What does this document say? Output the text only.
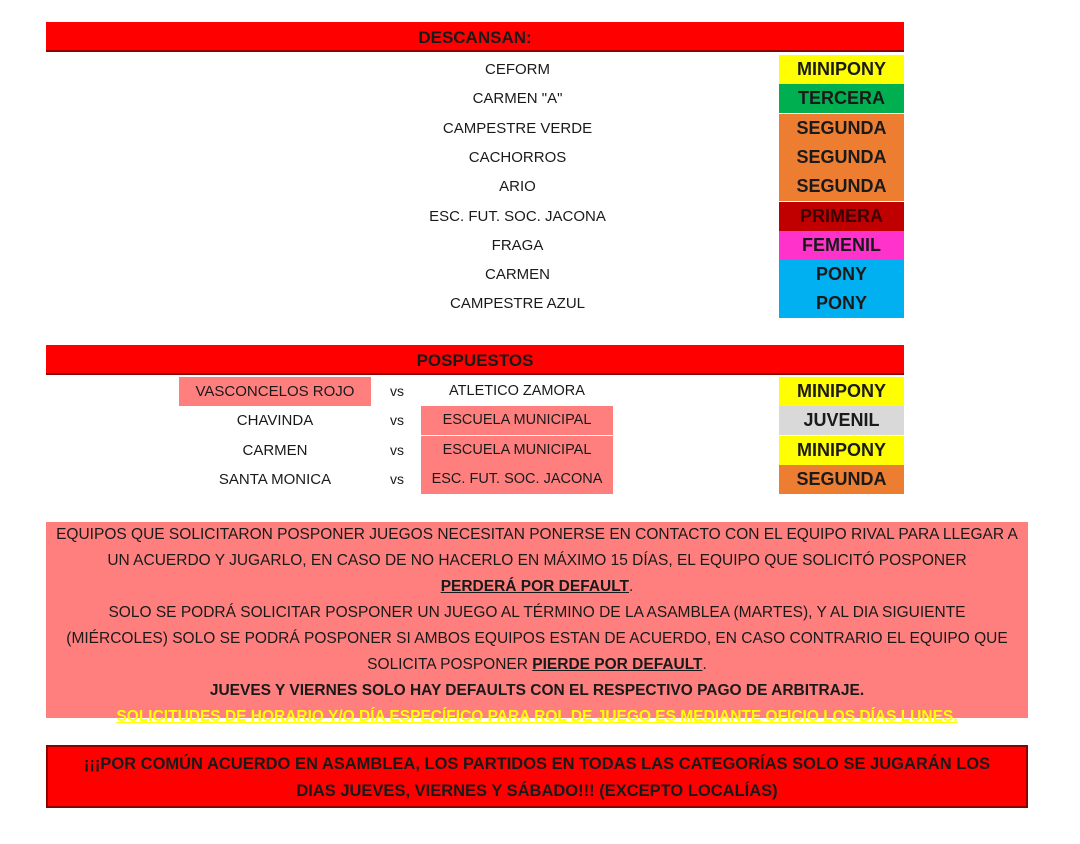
DESCANSAN:
CEFORM	MINIPONY
CARMEN "A"	TERCERA
CAMPESTRE VERDE	SEGUNDA
CACHORROS	SEGUNDA
ARIO	SEGUNDA
ESC. FUT. SOC. JACONA	PRIMERA
FRAGA	FEMENIL
CARMEN	PONY
CAMPESTRE AZUL	PONY
POSPUESTOS
VASCONCELOS ROJO	vs	ATLETICO ZAMORA	MINIPONY
CHAVINDA	vs	ESCUELA MUNICIPAL	JUVENIL
CARMEN	vs	ESCUELA MUNICIPAL	MINIPONY
SANTA MONICA	vs	ESC. FUT. SOC. JACONA	SEGUNDA

EQUIPOS QUE SOLICITARON POSPONER JUEGOS NECESITAN PONERSE EN CONTACTO CON EL EQUIPO RIVAL PARA LLEGAR A

UN ACUERDO Y JUGARLO, EN CASO DE NO HACERLO EN MÁXIMO 15 DÍAS, EL EQUIPO QUE SOLICITÓ POSPONER

PERDERÁ POR DEFAULT.

SOLO SE PODRÁ SOLICITAR POSPONER UN JUEGO AL TÉRMINO DE LA ASAMBLEA (MARTES), Y AL DIA SIGUIENTE

(MIÉRCOLES) SOLO SE PODRÁ POSPONER SI AMBOS EQUIPOS ESTAN DE ACUERDO, EN CASO CONTRARIO EL EQUIPO QUE

SOLICITA POSPONER PIERDE POR DEFAULT.

JUEVES Y VIERNES SOLO HAY DEFAULTS CON EL RESPECTIVO PAGO DE ARBITRAJE.

SOLICITUDES DE HORARIO Y/O DÍA ESPECÍFICO PARA ROL DE JUEGO ES MEDIANTE OFICIO LOS DÍAS LUNES.

¡¡¡POR COMÚN ACUERDO EN ASAMBLEA, LOS PARTIDOS EN TODAS LAS CATEGORÍAS SOLO SE JUGARÁN LOS
DIAS JUEVES, VIERNES Y SÁBADO!!! (EXCEPTO LOCALÍAS)
